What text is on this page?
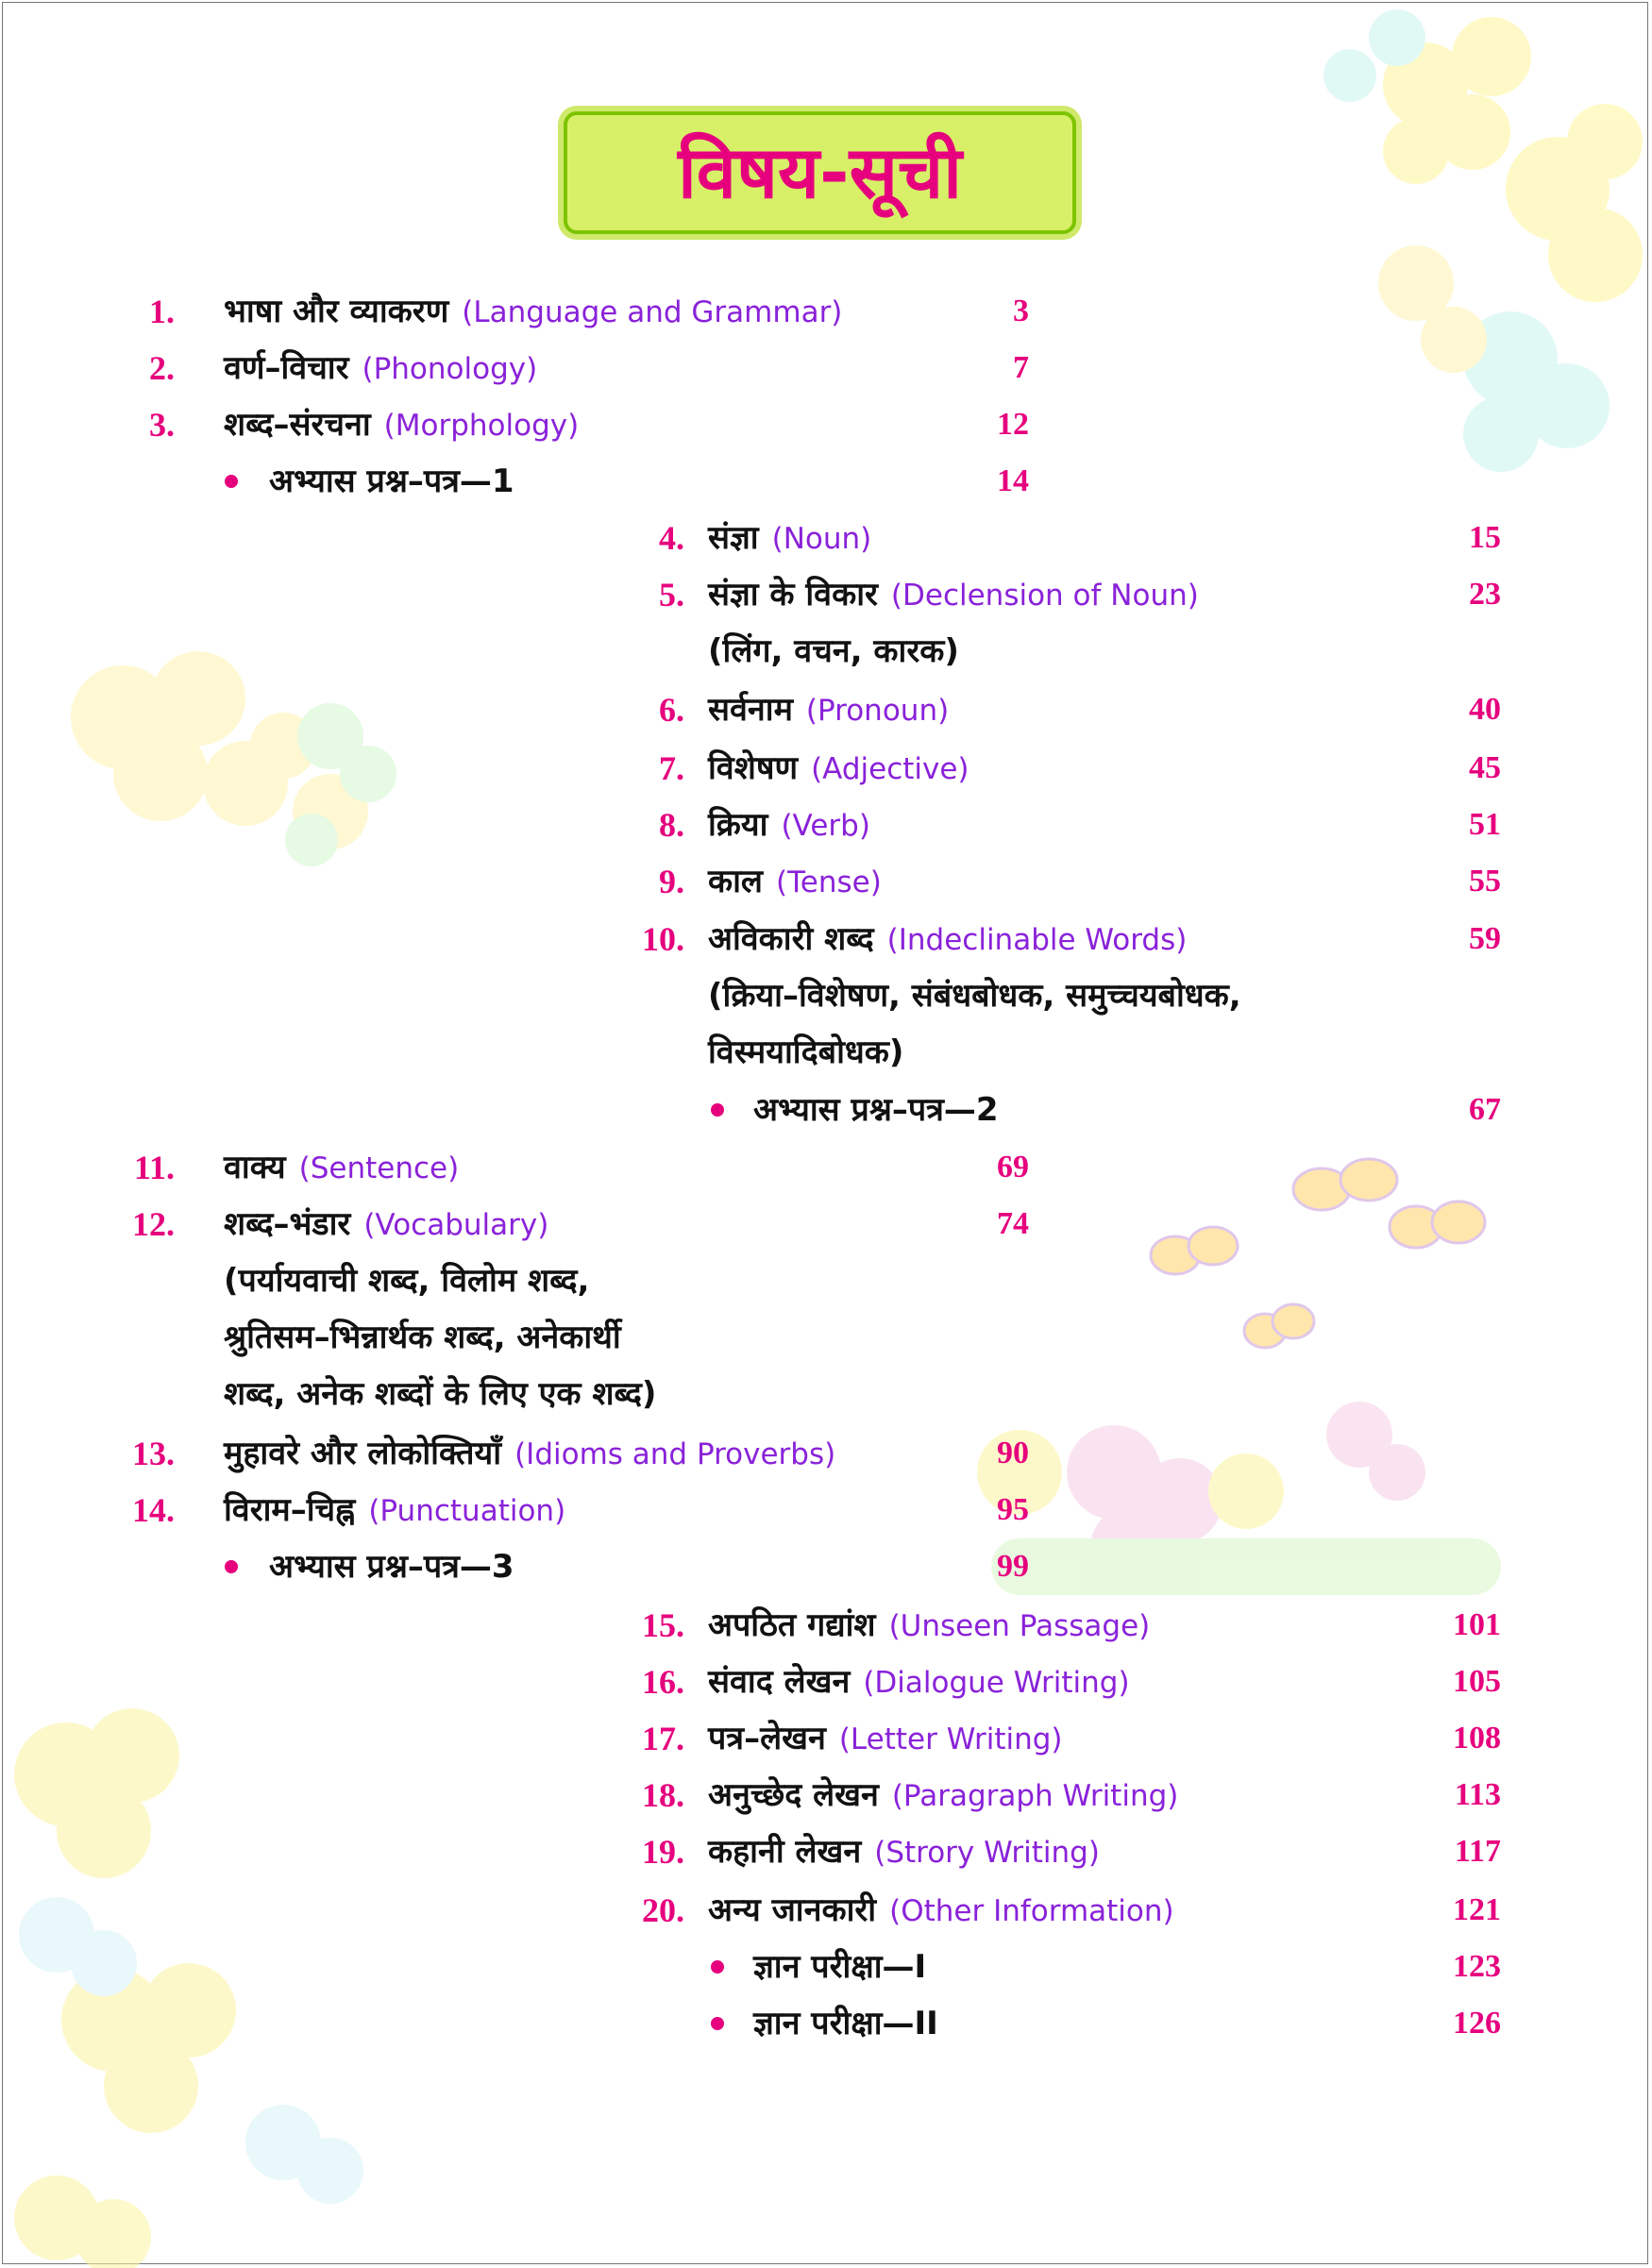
विषय-सूची
1. भाषा और व्याकरण (Language and Grammar)	3
2. वर्ण–विचार (Phonology)	7
3. शब्द–संरचना (Morphology)	12
अभ्यास प्रश्न–पत्र—1	14
4. संज्ञा (Noun)	15
5. संज्ञा के विकार (Declension of Noun)	23
(लिंग, वचन, कारक)
6. सर्वनाम (Pronoun)	40
7. विशेषण (Adjective)	45
8. क्रिया (Verb)	51
9. काल (Tense)	55
10. अविकारी शब्द (Indeclinable Words)	59
(क्रिया–विशेषण, संबंधबोधक, समुच्चयबोधक,
विस्मयादिबोधक)
अभ्यास प्रश्न–पत्र—2	67
11. वाक्य (Sentence)	69
12. शब्द–भंडार (Vocabulary)	74
(पर्यायवाची शब्द, विलोम शब्द,
श्रुतिसम–भिन्नार्थक शब्द, अनेकार्थी
शब्द, अनेक शब्दों के लिए एक शब्द)
13. मुहावरे और लोकोक्तियाँ (Idioms and Proverbs)	90
14. विराम–चिह्न (Punctuation)	95
अभ्यास प्रश्न–पत्र—3	99
15. अपठित गद्यांश (Unseen Passage)	101
16. संवाद लेखन (Dialogue Writing)	105
17. पत्र–लेखन (Letter Writing)	108
18. अनुच्छेद लेखन (Paragraph Writing)	113
19. कहानी लेखन (Strory Writing)	117
20. अन्य जानकारी (Other Information)	121
ज्ञान परीक्षा—I	123
ज्ञान परीक्षा—II	126
